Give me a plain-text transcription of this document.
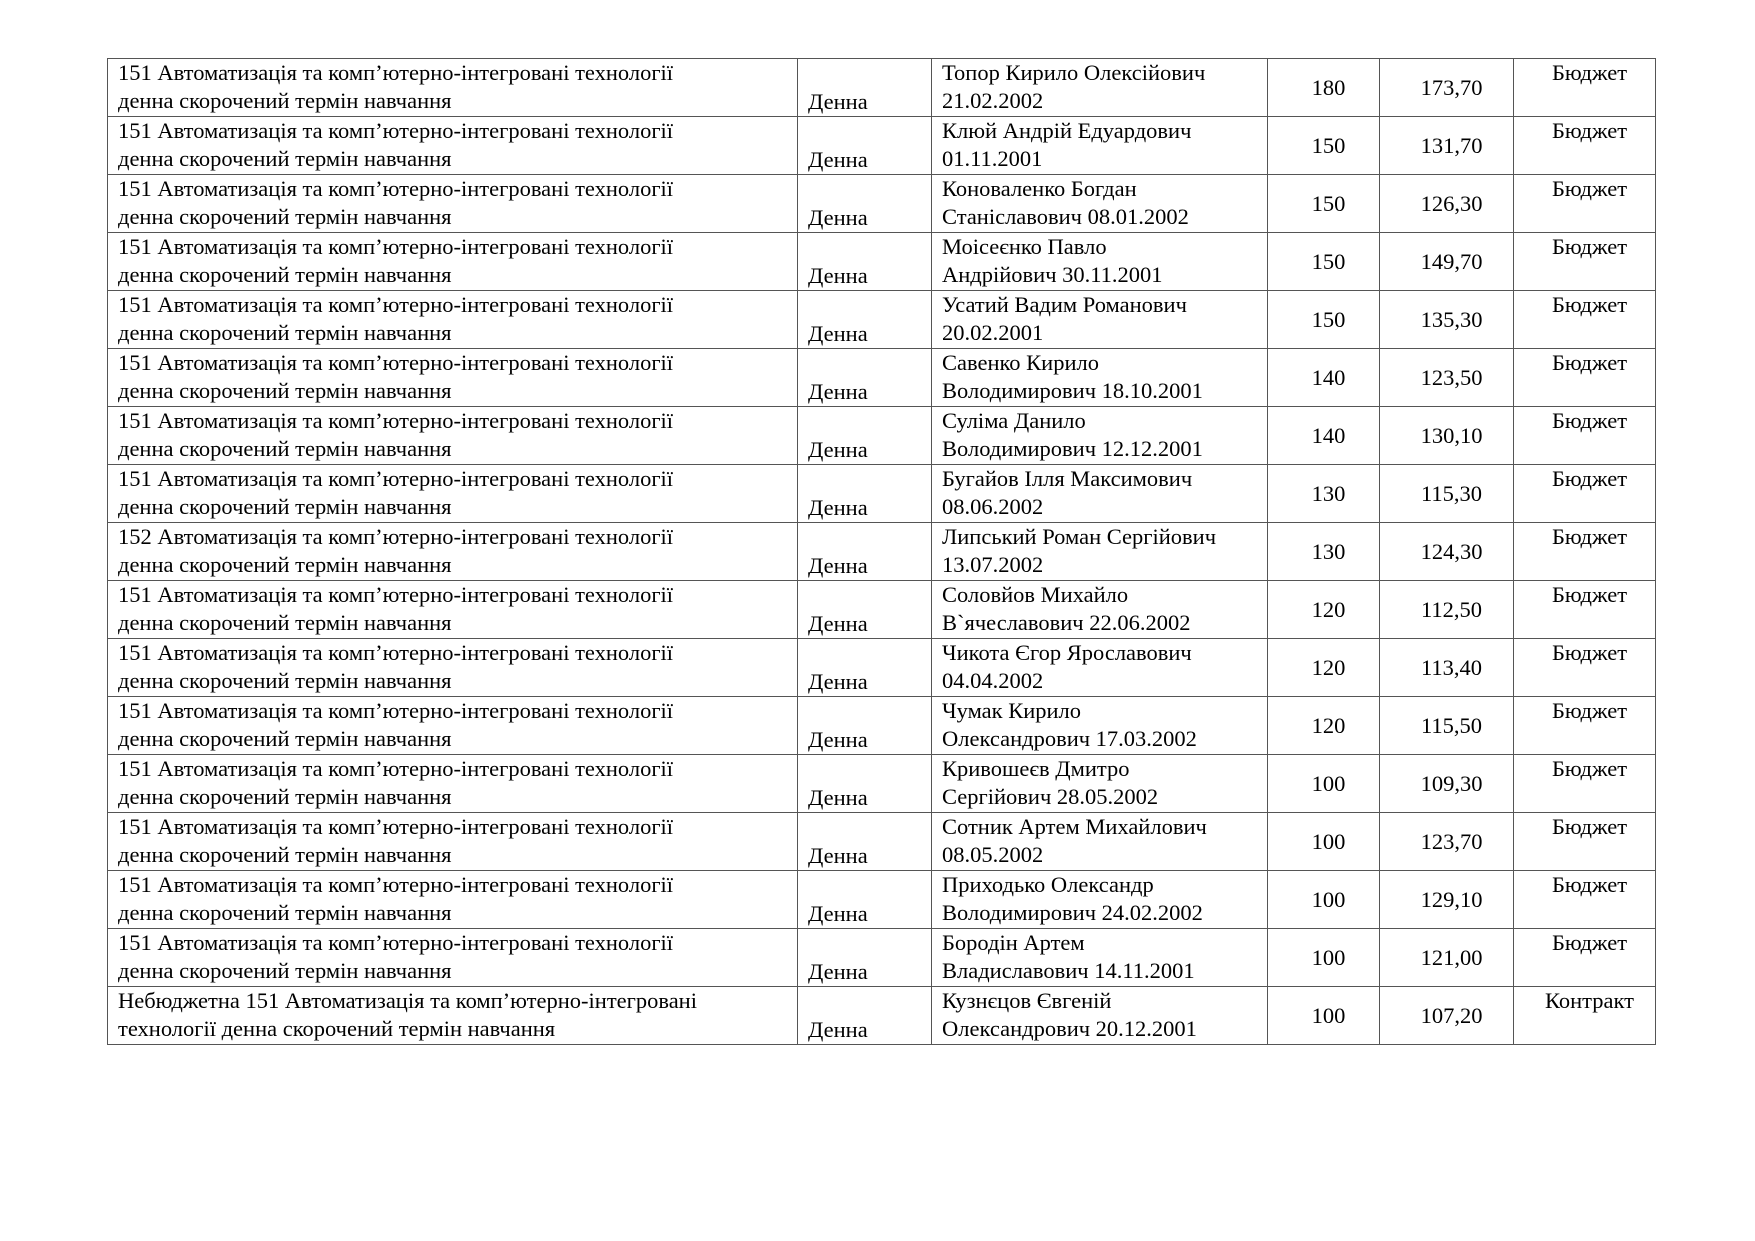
151 Автоматизація та комп’ютерно-інтегровані технології
денна скорочений термін навчання	Денна	Топор Кирило Олексійович
21.02.2002	180	173,70	Бюджет

151 Автоматизація та комп’ютерно-інтегровані технології
денна скорочений термін навчання	Денна	Клюй Андрій Едуардович
01.11.2001	150	131,70	Бюджет

151 Автоматизація та комп’ютерно-інтегровані технології
денна скорочений термін навчання	Денна	Коноваленко Богдан
Станіславович 08.01.2002	150	126,30	Бюджет

151 Автоматизація та комп’ютерно-інтегровані технології
денна скорочений термін навчання	Денна	Моісеєнко Павло
Андрійович 30.11.2001	150	149,70	Бюджет

151 Автоматизація та комп’ютерно-інтегровані технології
денна скорочений термін навчання	Денна	Усатий Вадим Романович
20.02.2001	150	135,30	Бюджет

151 Автоматизація та комп’ютерно-інтегровані технології
денна скорочений термін навчання	Денна	Савенко Кирило
Володимирович 18.10.2001	140	123,50	Бюджет

151 Автоматизація та комп’ютерно-інтегровані технології
денна скорочений термін навчання	Денна	Суліма Данило
Володимирович 12.12.2001	140	130,10	Бюджет

151 Автоматизація та комп’ютерно-інтегровані технології
денна скорочений термін навчання	Денна	Бугайов Ілля Максимович
08.06.2002	130	115,30	Бюджет

152 Автоматизація та комп’ютерно-інтегровані технології
денна скорочений термін навчання	Денна	Липський Роман Сергійович
13.07.2002	130	124,30	Бюджет

151 Автоматизація та комп’ютерно-інтегровані технології
денна скорочений термін навчання	Денна	Соловйов Михайло
В`ячеславович 22.06.2002	120	112,50	Бюджет

151 Автоматизація та комп’ютерно-інтегровані технології
денна скорочений термін навчання	Денна	Чикота Єгор Ярославович
04.04.2002	120	113,40	Бюджет

151 Автоматизація та комп’ютерно-інтегровані технології
денна скорочений термін навчання	Денна	Чумак Кирило
Олександрович 17.03.2002	120	115,50	Бюджет

151 Автоматизація та комп’ютерно-інтегровані технології
денна скорочений термін навчання	Денна	Кривошеєв Дмитро
Сергійович 28.05.2002	100	109,30	Бюджет

151 Автоматизація та комп’ютерно-інтегровані технології
денна скорочений термін навчання	Денна	Сотник Артем Михайлович
08.05.2002	100	123,70	Бюджет

151 Автоматизація та комп’ютерно-інтегровані технології
денна скорочений термін навчання	Денна	Приходько Олександр
Володимирович 24.02.2002	100	129,10	Бюджет

151 Автоматизація та комп’ютерно-інтегровані технології
денна скорочений термін навчання	Денна	Бородін Артем
Владиславович 14.11.2001	100	121,00	Бюджет

Небюджетна 151 Автоматизація та комп’ютерно-інтегровані
технології денна скорочений термін навчання	Денна	Кузнєцов Євгеній
Олександрович 20.12.2001	100	107,20	Контракт
